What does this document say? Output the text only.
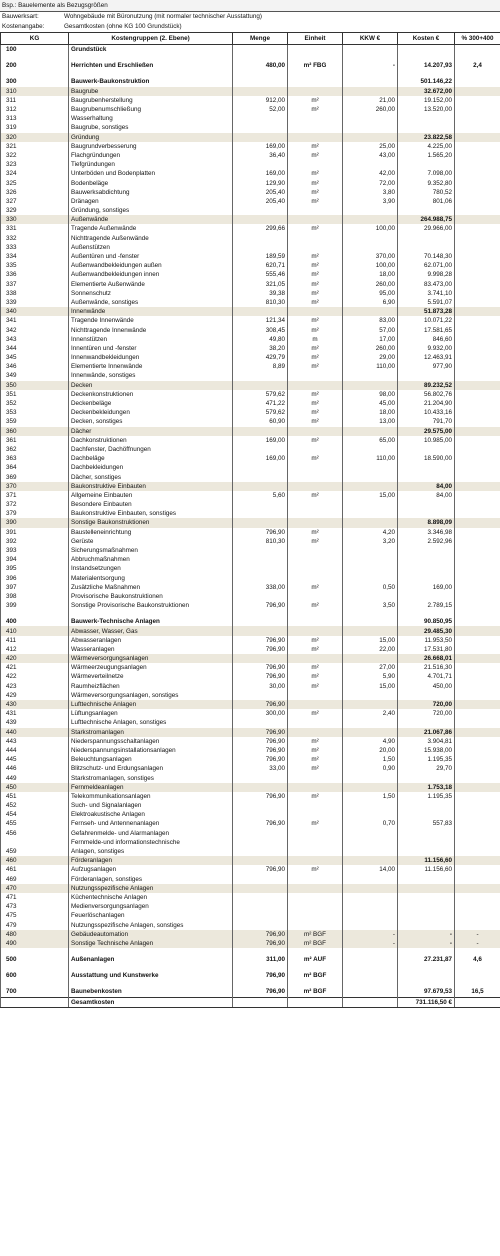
Bsp.: Bauelemente als Bezugsgrößen
Bauwerksart:	Wohngebäude mit Büronutzung (mit normaler technischer Ausstattung)
Kostenangabe:	Gesamtkosten (ohne KG 100 Grundstück)
KG	Kostengruppen (2. Ebene)	Menge	Einheit	KKW €	Kosten €	% 300+400
100	Grundstück					

200	Herrichten und Erschließen	480,00	m² FBG	-	14.207,93	2,4

300	Bauwerk-Baukonstruktion				501.146,22	
310	Baugrube				32.672,00	
311	Baugrubenherstellung	912,00	m²	21,00	19.152,00	
312	Baugrubenumschließung	52,00	m²	260,00	13.520,00	
313	Wasserhaltung					
319	Baugrube, sonstiges					
320	Gründung				23.822,58	
321	Baugrundverbesserung	169,00	m²	25,00	4.225,00	
322	Flachgründungen	36,40	m²	43,00	1.565,20	
323	Tiefgründungen					
324	Unterböden und Bodenplatten	169,00	m²	42,00	7.098,00	
325	Bodenbeläge	129,90	m²	72,00	9.352,80	
326	Bauwerksabdichtung	205,40	m²	3,80	780,52	
327	Dränagen	205,40	m²	3,90	801,06	
329	Gründung, sonstiges					
330	Außenwände				264.988,75	
331	Tragende Außenwände	299,66	m²	100,00	29.966,00	
332	Nichttragende Außenwände					
333	Außenstützen					
334	Außentüren und -fenster	189,59	m²	370,00	70.148,30	
335	Außenwandbekleidungen außen	620,71	m²	100,00	62.071,00	
336	Außenwandbekleidungen innen	555,46	m²	18,00	9.998,28	
337	Elementierte Außenwände	321,05	m²	260,00	83.473,00	
338	Sonnenschutz	39,38	m²	95,00	3.741,10	
339	Außenwände, sonstiges	810,30	m²	6,90	5.591,07	
340	Innenwände				51.873,28	
341	Tragende Innenwände	121,34	m²	83,00	10.071,22	
342	Nichttragende Innenwände	308,45	m²	57,00	17.581,65	
343	Innenstützen	49,80	m	17,00	846,60	
344	Innentüren und -fenster	38,20	m²	260,00	9.932,00	
345	Innenwandbekleidungen	429,79	m²	29,00	12.463,91	
346	Elementierte Innenwände	8,89	m²	110,00	977,90	
349	Innenwände, sonstiges					
350	Decken				89.232,52	
351	Deckenkonstruktionen	579,62	m²	98,00	56.802,76	
352	Deckenbeläge	471,22	m²	45,00	21.204,90	
353	Deckenbekleidungen	579,62	m²	18,00	10.433,16	
359	Decken, sonstiges	60,90	m²	13,00	791,70	
360	Dächer				29.575,00	
361	Dachkonstruktionen	169,00	m²	65,00	10.985,00	
362	Dachfenster, Dachöffnungen					
363	Dachbeläge	169,00	m²	110,00	18.590,00	
364	Dachbekleidungen					
369	Dächer, sonstiges					
370	Baukonstruktive Einbauten				84,00	
371	Allgemeine Einbauten	5,60	m²	15,00	84,00	
372	Besondere Einbauten					
379	Baukonstruktive Einbauten, sonstiges					
390	Sonstige Baukonstruktionen				8.898,09	
391	Baustelleneinrichtung	796,90	m²	4,20	3.346,98	
392	Gerüste	810,30	m²	3,20	2.592,96	
393	Sicherungsmaßnahmen					
394	Abbruchmaßnahmen					
395	Instandsetzungen					
396	Materialentsorgung					
397	Zusätzliche Maßnahmen	338,00	m²	0,50	169,00	
398	Provisorische Baukonstruktionen					
399	Sonstige Provisorische Baukonstruktionen	796,90	m²	3,50	2.789,15	

400	Bauwerk-Technische Anlagen				90.850,95	
410	Abwasser, Wasser, Gas				29.485,30	
411	Abwasseranlagen	796,90	m²	15,00	11.953,50	
412	Wasseranlagen	796,90	m²	22,00	17.531,80	
420	Wärmeversorgungsanlagen				26.668,01	
421	Wärmeerzeugungsanlagen	796,90	m²	27,00	21.516,30	
422	Wärmeverteilnetze	796,90	m²	5,90	4.701,71	
423	Raumheizflächen	30,00	m²	15,00	450,00	
429	Wärmeversorgungsanlagen, sonstiges					
430	Lufttechnische Anlagen	796,90			720,00	
431	Lüftungsanlagen	300,00	m²	2,40	720,00	
439	Lufttechnische Anlagen, sonstiges					
440	Starkstromanlagen	796,90			21.067,86	
443	Niederspannungsschaltanlagen	796,90	m²	4,90	3.904,81	
444	Niederspannungsinstallationsanlagen	796,90	m²	20,00	15.938,00	
445	Beleuchtungsanlagen	796,90	m²	1,50	1.195,35	
446	Blitzschutz- und Erdungsanlagen	33,00	m²	0,90	29,70	
449	Starkstromanlagen, sonstiges					
450	Fernmeldeanlagen				1.753,18	
451	Telekommunikationsanlagen	796,90	m²	1,50	1.195,35	
452	Such- und Signalanlagen					
454	Elektroakustische Anlagen					
455	Fernseh- und Antennenanlagen	796,90	m²	0,70	557,83	
456	Gefahrenmelde- und Alarmanlagen					
	Fernmelde-und informationstechnische					
459	Anlagen, sonstiges					
460	Förderanlagen				11.156,60	
461	Aufzugsanlagen	796,90	m²	14,00	11.156,60	
469	Förderanlagen, sonstiges					
470	Nutzungsspezifische Anlagen					
471	Küchentechnische Anlagen					
473	Medienversorgungsanlagen					
475	Feuerlöschanlagen					
479	Nutzungsspezifische Anlagen, sonstiges					
480	Gebäudeautomation	796,90	m² BGF	-	-	-
490	Sonstige Technische Anlagen	796,90	m² BGF	-	-	-

500	Außenanlagen	311,00	m² AUF		27.231,87	4,6

600	Ausstattung und Kunstwerke	796,90	m² BGF			

700	Baunebenkosten	796,90	m² BGF		97.679,53	16,5
	Gesamtkosten				731.116,50 €	
